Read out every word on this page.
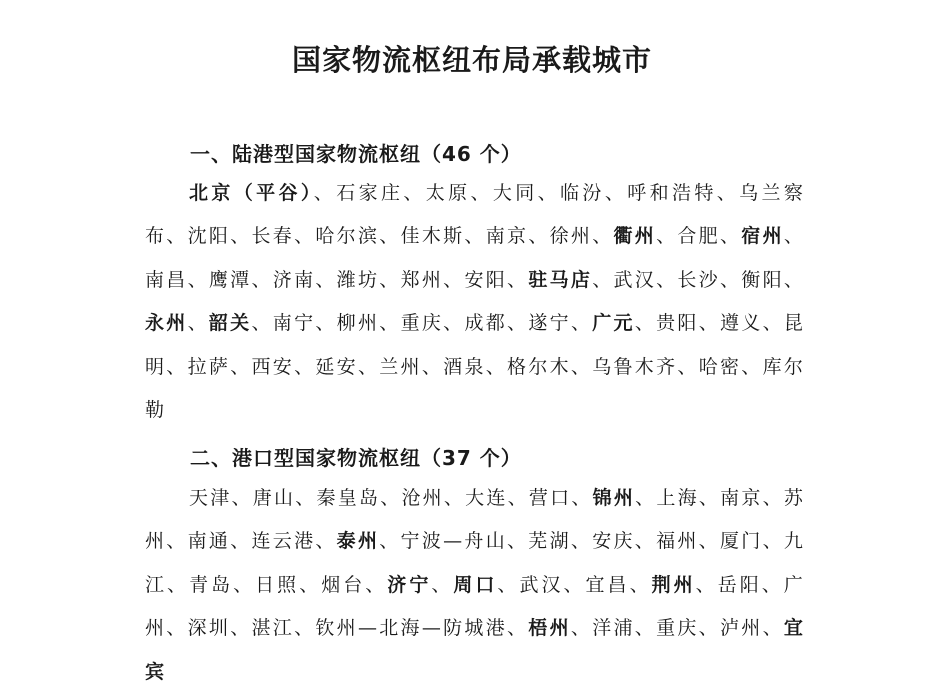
国家物流枢纽布局承载城市
一、陆港型国家物流枢纽（46 个）
北京（平谷）、石家庄、太原、大同、临汾、呼和浩特、乌兰察布、沈阳、长春、哈尔滨、佳木斯、南京、徐州、衢州、合肥、宿州、南昌、鹰潭、济南、潍坊、郑州、安阳、驻马店、武汉、长沙、衡阳、永州、韶关、南宁、柳州、重庆、成都、遂宁、广元、贵阳、遵义、昆明、拉萨、西安、延安、兰州、酒泉、格尔木、乌鲁木齐、哈密、库尔勒
二、港口型国家物流枢纽（37 个）
天津、唐山、秦皇岛、沧州、大连、营口、锦州、上海、南京、苏州、南通、连云港、泰州、宁波—舟山、芜湖、安庆、福州、厦门、九江、青岛、日照、烟台、济宁、周口、武汉、宜昌、荆州、岳阳、广州、深圳、湛江、钦州—北海—防城港、梧州、洋浦、重庆、泸州、宜宾
